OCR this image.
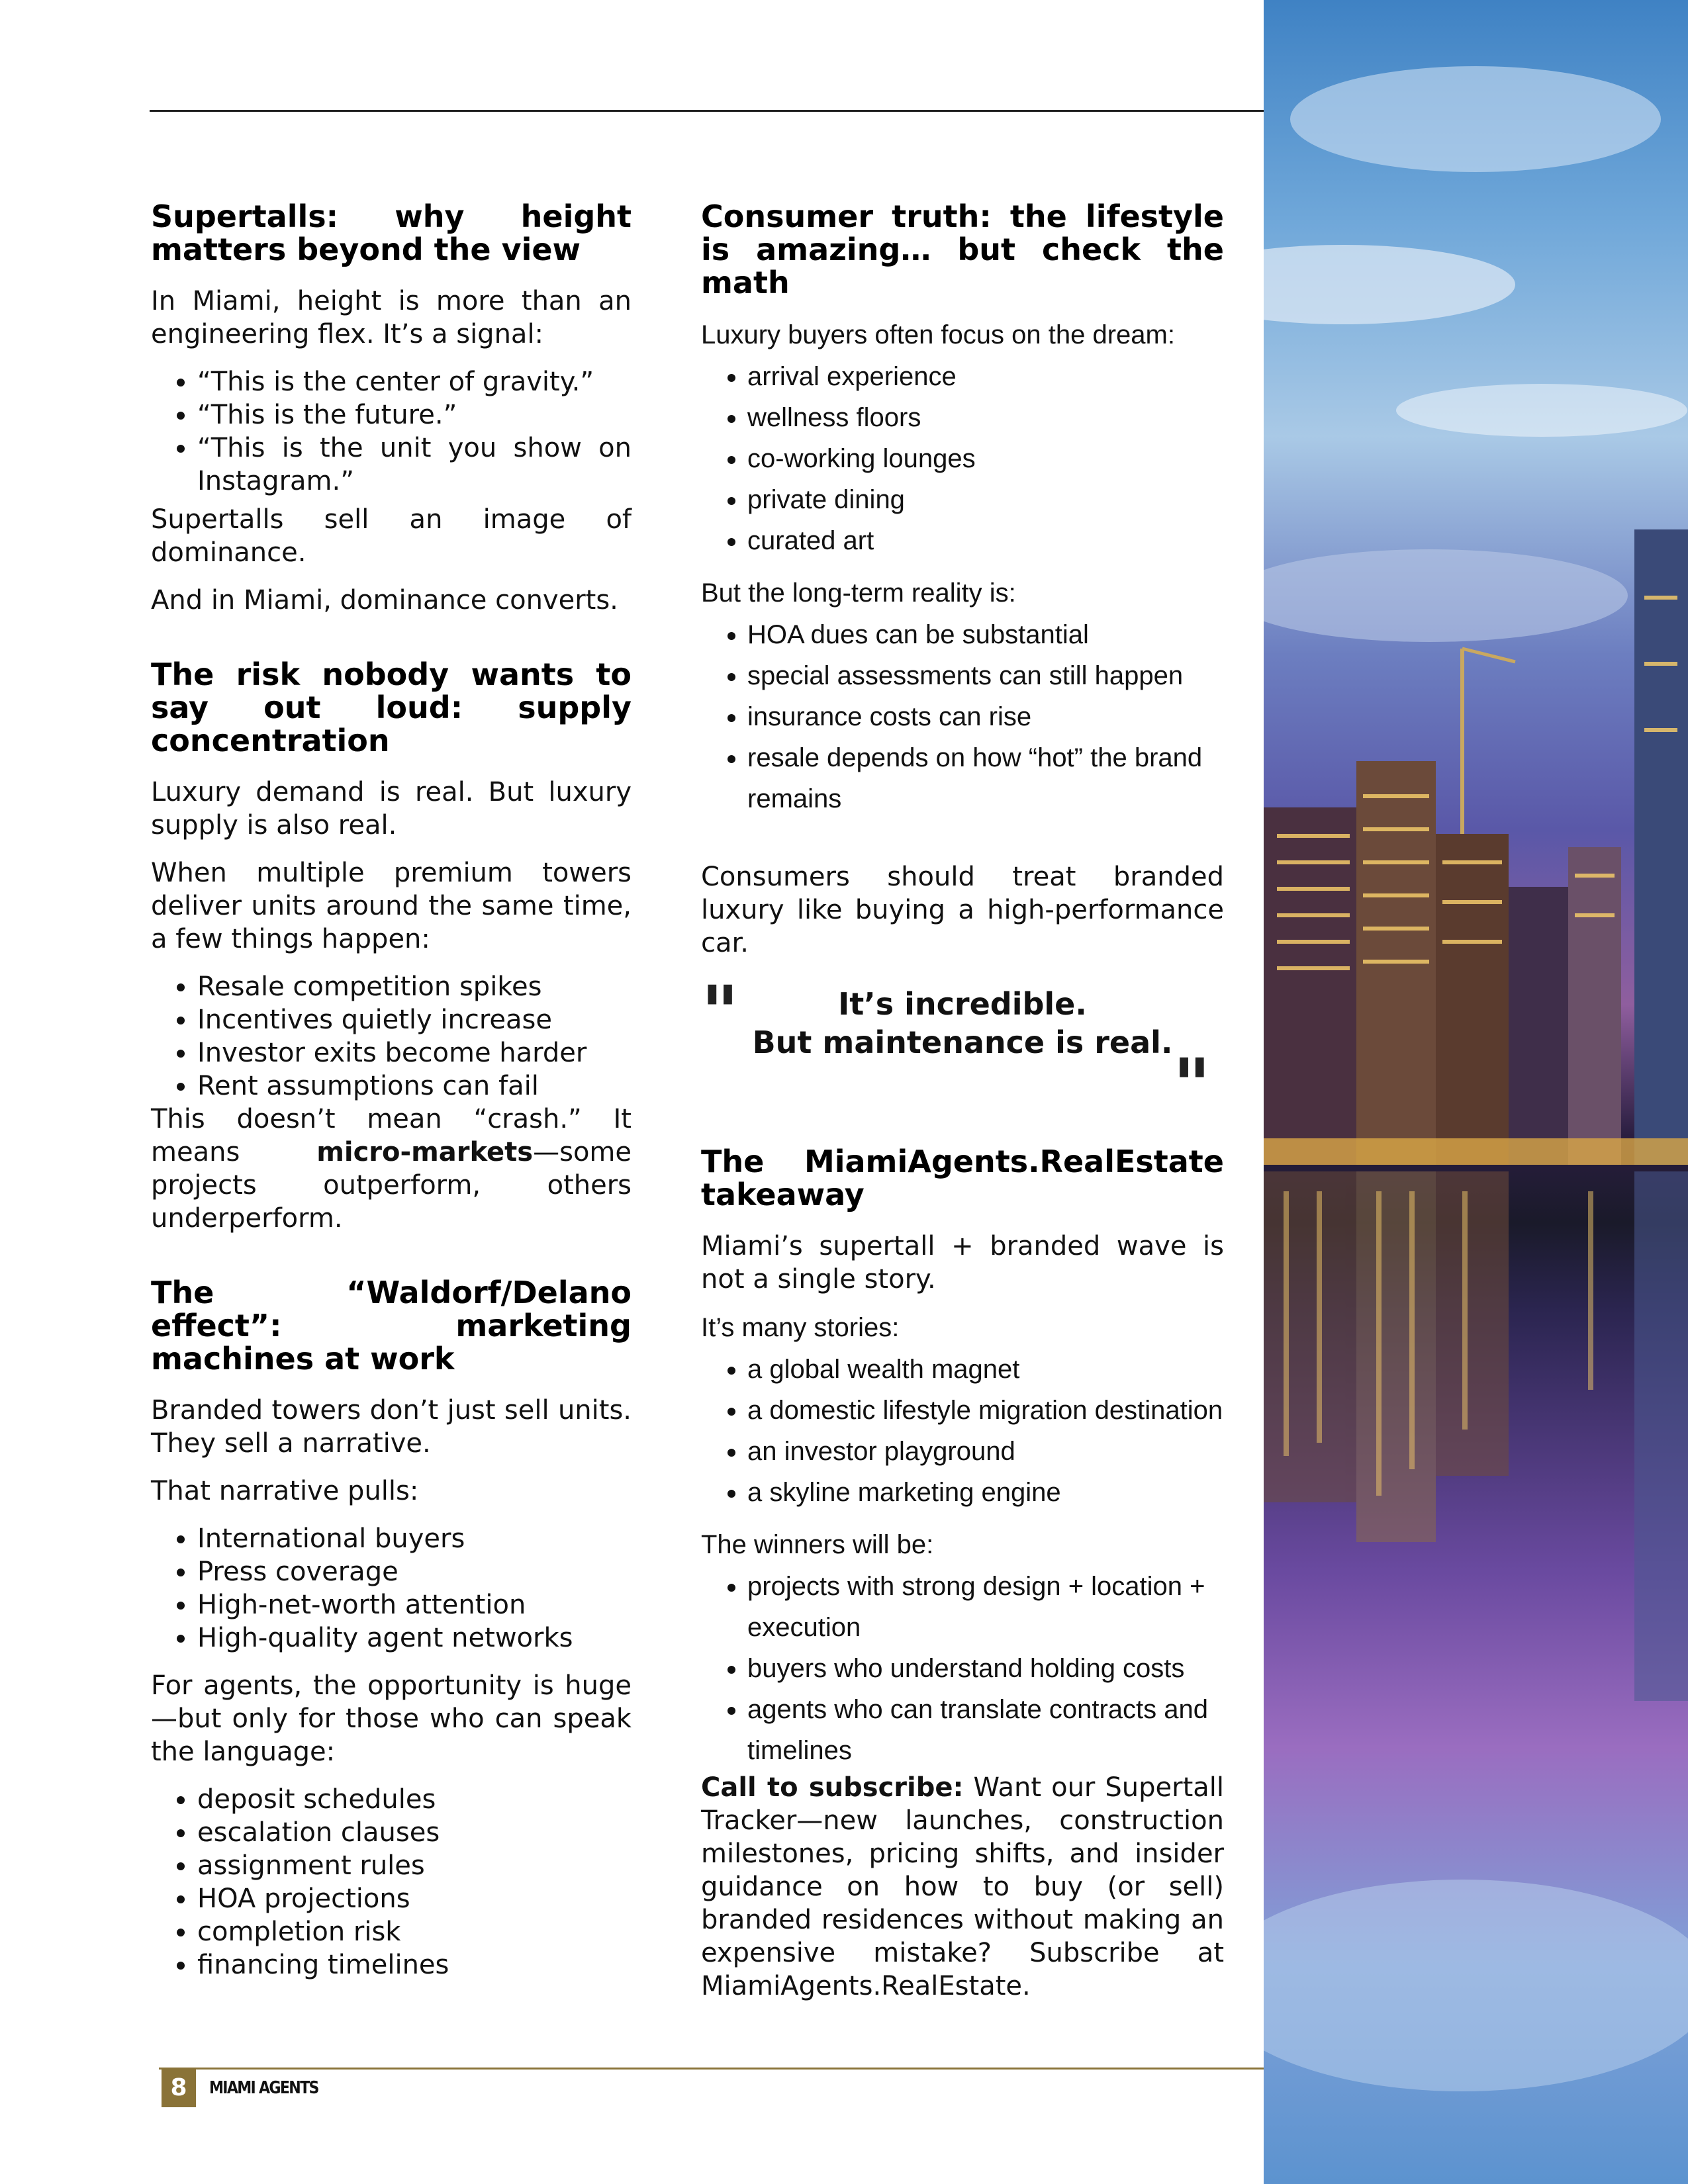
Supertalls: why height matters beyond the view

In Miami, height is more than an engineering flex. It’s a signal:

• “This is the center of gravity.”
• “This is the future.”
• “This is the unit you show on Instagram.”

Supertalls sell an image of dominance.

And in Miami, dominance converts.

The risk nobody wants to say out loud: supply concentration

Luxury demand is real. But luxury supply is also real.

When multiple premium towers deliver units around the same time, a few things happen:

• Resale competition spikes
• Incentives quietly increase
• Investor exits become harder
• Rent assumptions can fail

This doesn’t mean “crash.” It means micro-markets—some projects outperform, others underperform.

The “Waldorf/Delano effect”: marketing machines at work

Branded towers don’t just sell units. They sell a narrative.

That narrative pulls:

• International buyers
• Press coverage
• High-net-worth attention
• High-quality agent networks

For agents, the opportunity is huge—but only for those who can speak the language:

• deposit schedules
• escalation clauses
• assignment rules
• HOA projections
• completion risk
• financing timelines
Consumer truth: the lifestyle is amazing… but check the math

Luxury buyers often focus on the dream:

• arrival experience
• wellness floors
• co-working lounges
• private dining
• curated art

But the long-term reality is:

• HOA dues can be substantial
• special assessments can still happen
• insurance costs can rise
• resale depends on how “hot” the brand remains

Consumers should treat branded luxury like buying a high-performance car.

"	It’s incredible.
But maintenance is real. "
The MiamiAgents.RealEstate takeaway

Miami’s supertall + branded wave is not a single story.

It’s many stories:

• a global wealth magnet
• a domestic lifestyle migration destination
• an investor playground
• a skyline marketing engine

The winners will be:

• projects with strong design + location + execution
• buyers who understand holding costs
• agents who can translate contracts and timelines

Call to subscribe: Want our Supertall Tracker—new launches, construction milestones, pricing shifts, and insider guidance on how to buy (or sell) branded residences without making an expensive mistake? Subscribe at MiamiAgents.RealEstate.

8	MIAMI AGENTS
